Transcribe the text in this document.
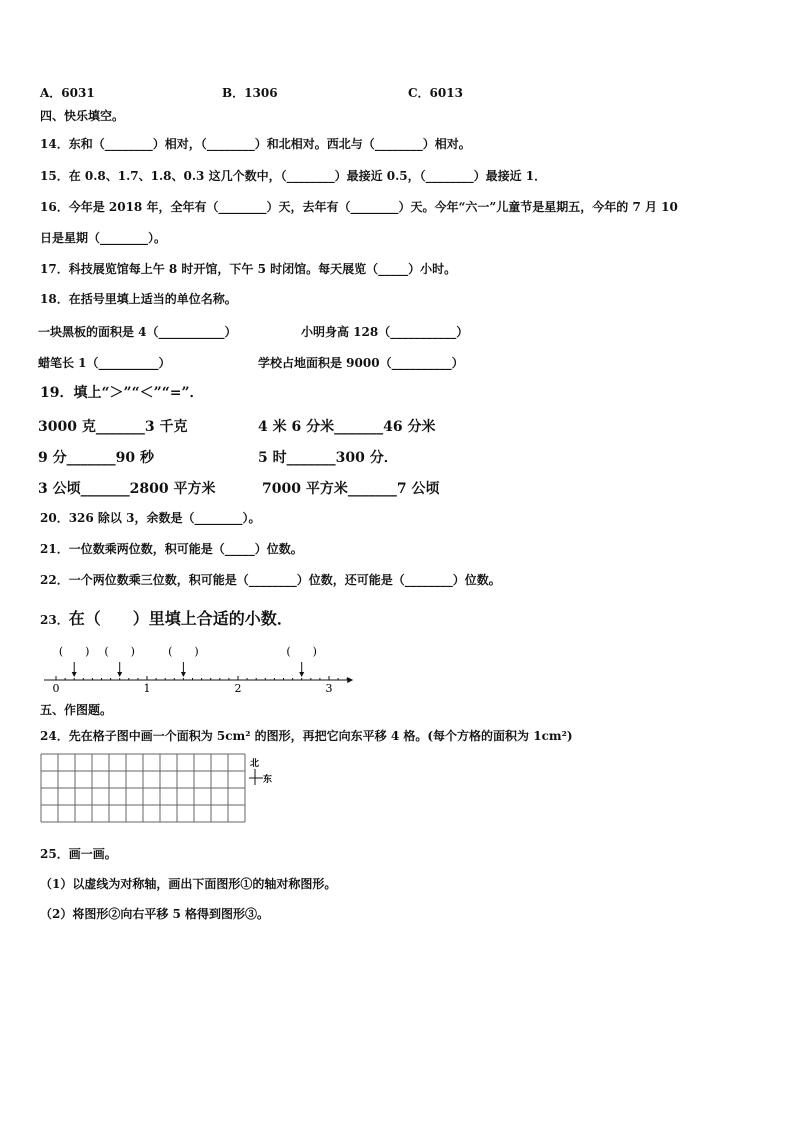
A．6031	B．1306	C．6013
四、快乐填空。
14．东和（________）相对，（________）和北相对。西北与（________）相对。
15．在 0.8、1.7、1.8、0.3 这几个数中，（________）最接近 0.5，（________）最接近 1．
16．今年是 2018 年，全年有（________）天，去年有（________）天。今年“六一”儿童节是星期五，今年的 7 月 10
日是星期（________）。
17．科技展览馆每上午 8 时开馆，下午 5 时闭馆。每天展览（_____）小时。
18．在括号里填上适当的单位名称。
一块黑板的面积是 4（___________）	小明身高 128（___________）
蜡笔长 1（__________）	学校占地面积是 9000（__________）
19．填上“＞”“＜”“=”．
3000 克_______3 千克	4 米 6 分米_______46 分米
9 分_______90 秒	5 时_______300 分．
3 公顷_______2800 平方米	7000 平方米_______7 公顷
20．326 除以 3，余数是（________）。
21．一位数乘两位数，积可能是（_____）位数。
22．一个两位数乘三位数，积可能是（________）位数，还可能是（________）位数。
23．在（　　）里填上合适的小数．
0	1	2	3
(　　) (　　)	(　　)	(　　)
五、作图题。
24．先在格子图中画一个面积为 5cm² 的图形，再把它向东平移 4 格。(每个方格的面积为 1cm²)
北
东
25．画一画。
（1）以虚线为对称轴，画出下面图形①的轴对称图形。
（2）将图形②向右平移 5 格得到图形③。
